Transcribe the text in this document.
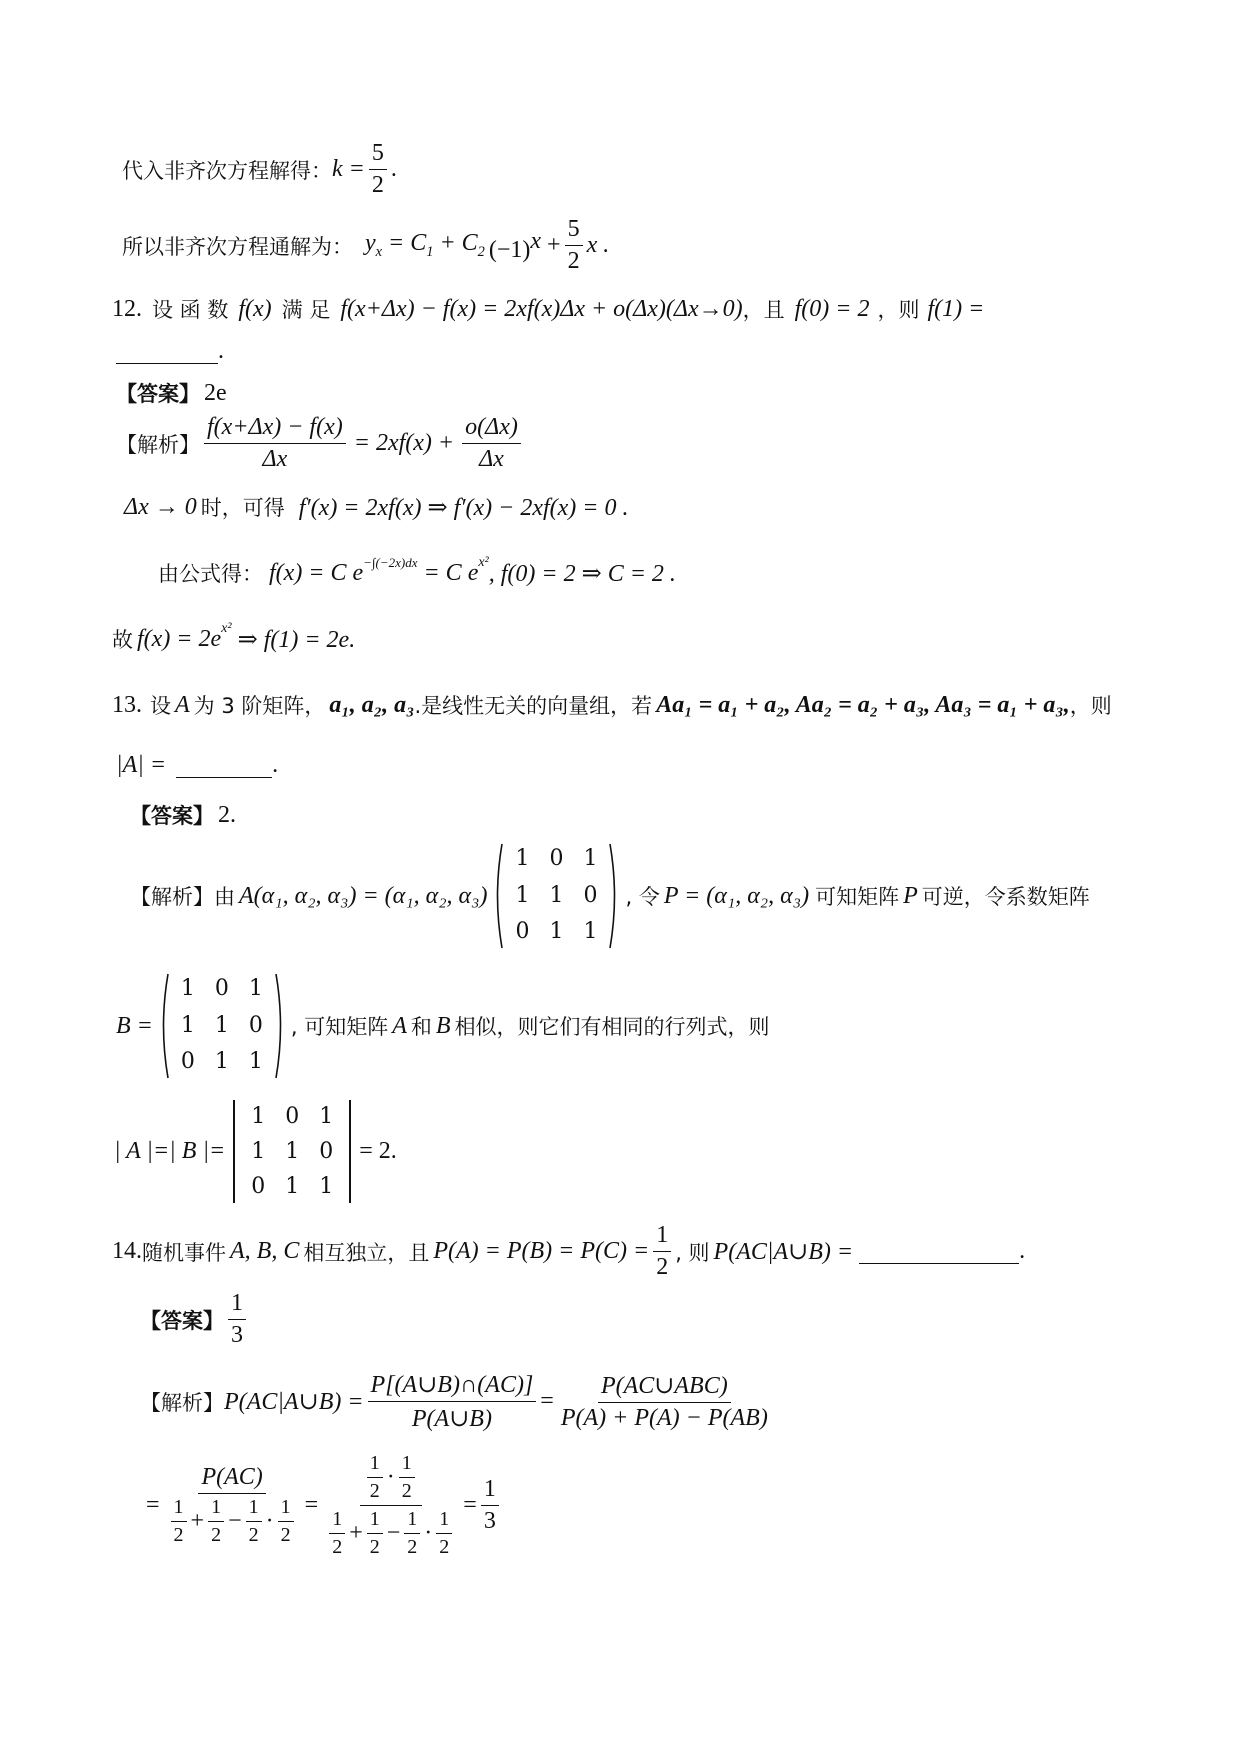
代入非齐次方程解得： $k = \frac{5}{2}$ .
所以非齐次方程通解为： $y_x = C_1 + C_2$ $(-1)^x + \frac{5}{2}$ x .
12. 设 函 数 f(x) 满 足 f(x+Δx) − f(x) = 2xf(x)Δx + o(Δx)(Δx→0) ，且 f(0) = 2 ，则 f(1) =
.
【答案】 2e
【解析】 $\frac{f(x+\Delta x) - f(x)}{\Delta x} = 2xf(x) + \frac{o(\Delta x)}{\Delta x}$
Δx → 0 时，可得 f′(x) = 2xf(x) ⇒ f′(x) − 2xf(x) = 0 .
由公式得： f(x) = C $e^{-\int(-2x)dx} = C$ $e^{x^2}$ , f(0) = 2 ⇒ C = 2 .
故 $f(x) = 2e^{x^2}$ ⇒ f(1) = 2e.
13. 设 A 为 3 阶矩阵， a₁, a₂, a₃ .是线性无关的向量组，若 Aa₁ = a₁ + a₂, Aa₂ = a₂ + a₃, Aa₃ = a₁ + a₃, ，则
|A| =	.
【答案】 2.
【解析】 由 A(α₁, α₂, α₃) = (α₁, α₂, α₃)
1 0 1
1 1 0
0 1 1
, 令 P = (α₁, α₂, α₃) 可知矩阵 P 可逆，令系数矩阵
B =
1 0 1
1 1 0
0 1 1
, 可知矩阵 A 和 B 相似，则它们有相同的行列式，则
| A |=| B |=
1 0 1
1 1 0
0 1 1
= 2.
14. 随机事件 A, B, C 相互独立，且 $P(A) = P(B) = P(C) = \frac{1}{2}$ , 则 P(AC|A∪B) =	.
【答案】 $\frac{1}{3}$
【解析】 P(AC|A∪B) = $\frac{P[(A\cup B)\cap(AC)]}{P(A\cup B)} = \frac{\text{P(AC∪ABC)}}{P(A) + P(A) - P(AB)}$
=
P(AC)
$\frac{1}{2} + \frac{1}{2} - \frac{1}{2} \cdot \frac{1}{2}$ =
$\frac{1}{2} \cdot \frac{1}{2}$
$\frac{1}{2} + \frac{1}{2} - \frac{1}{2} \cdot \frac{1}{2}$
= $\frac{1}{3}$
